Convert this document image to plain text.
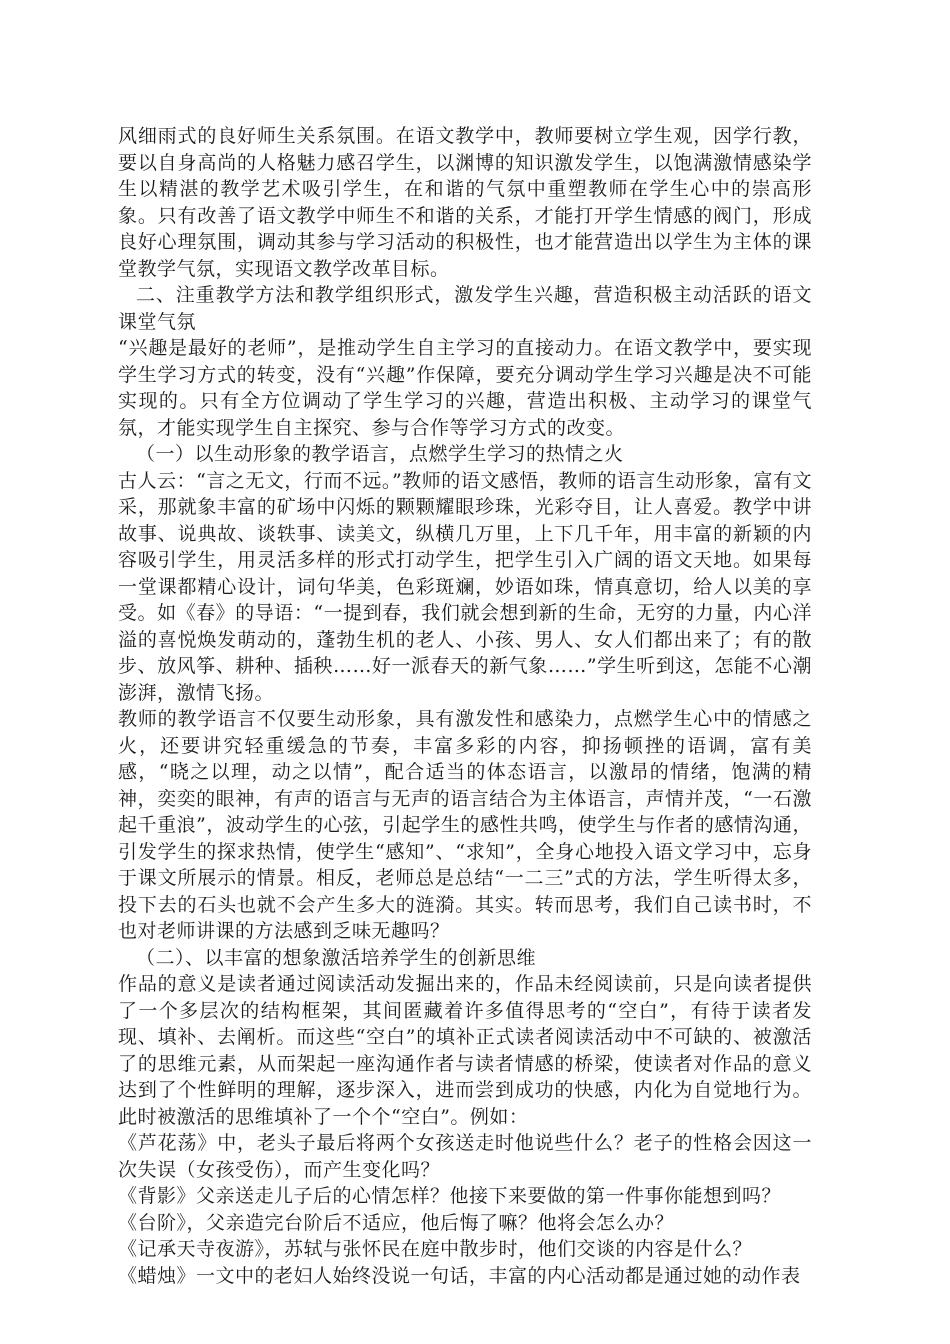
风细雨式的良好师生关系氛围。在语文教学中，教师要树立学生观，因学行教，要以自身高尚的人格魅力感召学生，以渊博的知识激发学生，以饱满激情感染学生以精湛的教学艺术吸引学生，在和谐的气氛中重塑教师在学生心中的崇高形象。只有改善了语文教学中师生不和谐的关系，才能打开学生情感的阀门，形成良好心理氛围，调动其参与学习活动的积极性，也才能营造出以学生为主体的课堂教学气氛，实现语文教学改革目标。

二、注重教学方法和教学组织形式，激发学生兴趣，营造积极主动活跃的语文课堂气氛

“兴趣是最好的老师”，是推动学生自主学习的直接动力。在语文教学中，要实现学生学习方式的转变，没有“兴趣”作保障，要充分调动学生学习兴趣是决不可能实现的。只有全方位调动了学生学习的兴趣，营造出积极、主动学习的课堂气氛，才能实现学生自主探究、参与合作等学习方式的改变。

（一）以生动形象的教学语言，点燃学生学习的热情之火

古人云：“言之无文，行而不远。”教师的语文感悟，教师的语言生动形象，富有文采，那就象丰富的矿场中闪烁的颗颗耀眼珍珠，光彩夺目，让人喜爱。教学中讲故事、说典故、谈轶事、读美文，纵横几万里，上下几千年，用丰富的新颖的内容吸引学生，用灵活多样的形式打动学生，把学生引入广阔的语文天地。如果每一堂课都精心设计，词句华美，色彩斑斓，妙语如珠，情真意切，给人以美的享受。如《春》的导语：“一提到春，我们就会想到新的生命，无穷的力量，内心洋溢的喜悦焕发萌动的，蓬勃生机的老人、小孩、男人、女人们都出来了；有的散步、放风筝、耕种、插秧……好一派春天的新气象……”学生听到这，怎能不心潮澎湃，激情飞扬。

教师的教学语言不仅要生动形象，具有激发性和感染力，点燃学生心中的情感之火，还要讲究轻重缓急的节奏，丰富多彩的内容，抑扬顿挫的语调，富有美感，“晓之以理，动之以情”，配合适当的体态语言，以激昂的情绪，饱满的精神，奕奕的眼神，有声的语言与无声的语言结合为主体语言，声情并茂，“一石激起千重浪”，波动学生的心弦，引起学生的感性共鸣，使学生与作者的感情沟通，引发学生的探求热情，使学生“感知”、“求知”，全身心地投入语文学习中，忘身于课文所展示的情景。相反，老师总是总结“一二三”式的方法，学生听得太多，投下去的石头也就不会产生多大的涟漪。其实。转而思考，我们自己读书时，不也对老师讲课的方法感到乏味无趣吗？

（二）、以丰富的想象激活培养学生的创新思维

作品的意义是读者通过阅读活动发掘出来的，作品未经阅读前，只是向读者提供了一个多层次的结构框架，其间匿藏着许多值得思考的“空白”，有待于读者发现、填补、去阐析。而这些“空白”的填补正式读者阅读活动中不可缺的、被激活了的思维元素，从而架起一座沟通作者与读者情感的桥梁，使读者对作品的意义达到了个性鲜明的理解，逐步深入，进而尝到成功的快感，内化为自觉地行为。此时被激活的思维填补了一个个“空白”。例如：

《芦花荡》中，老头子最后将两个女孩送走时他说些什么？老子的性格会因这一次失误（女孩受伤），而产生变化吗？

《背影》父亲送走儿子后的心情怎样？他接下来要做的第一件事你能想到吗？

《台阶》，父亲造完台阶后不适应，他后悔了嘛？他将会怎么办？

《记承天寺夜游》，苏轼与张怀民在庭中散步时，他们交谈的内容是什么？

《蜡烛》一文中的老妇人始终没说一句话，丰富的内心活动都是通过她的动作表
